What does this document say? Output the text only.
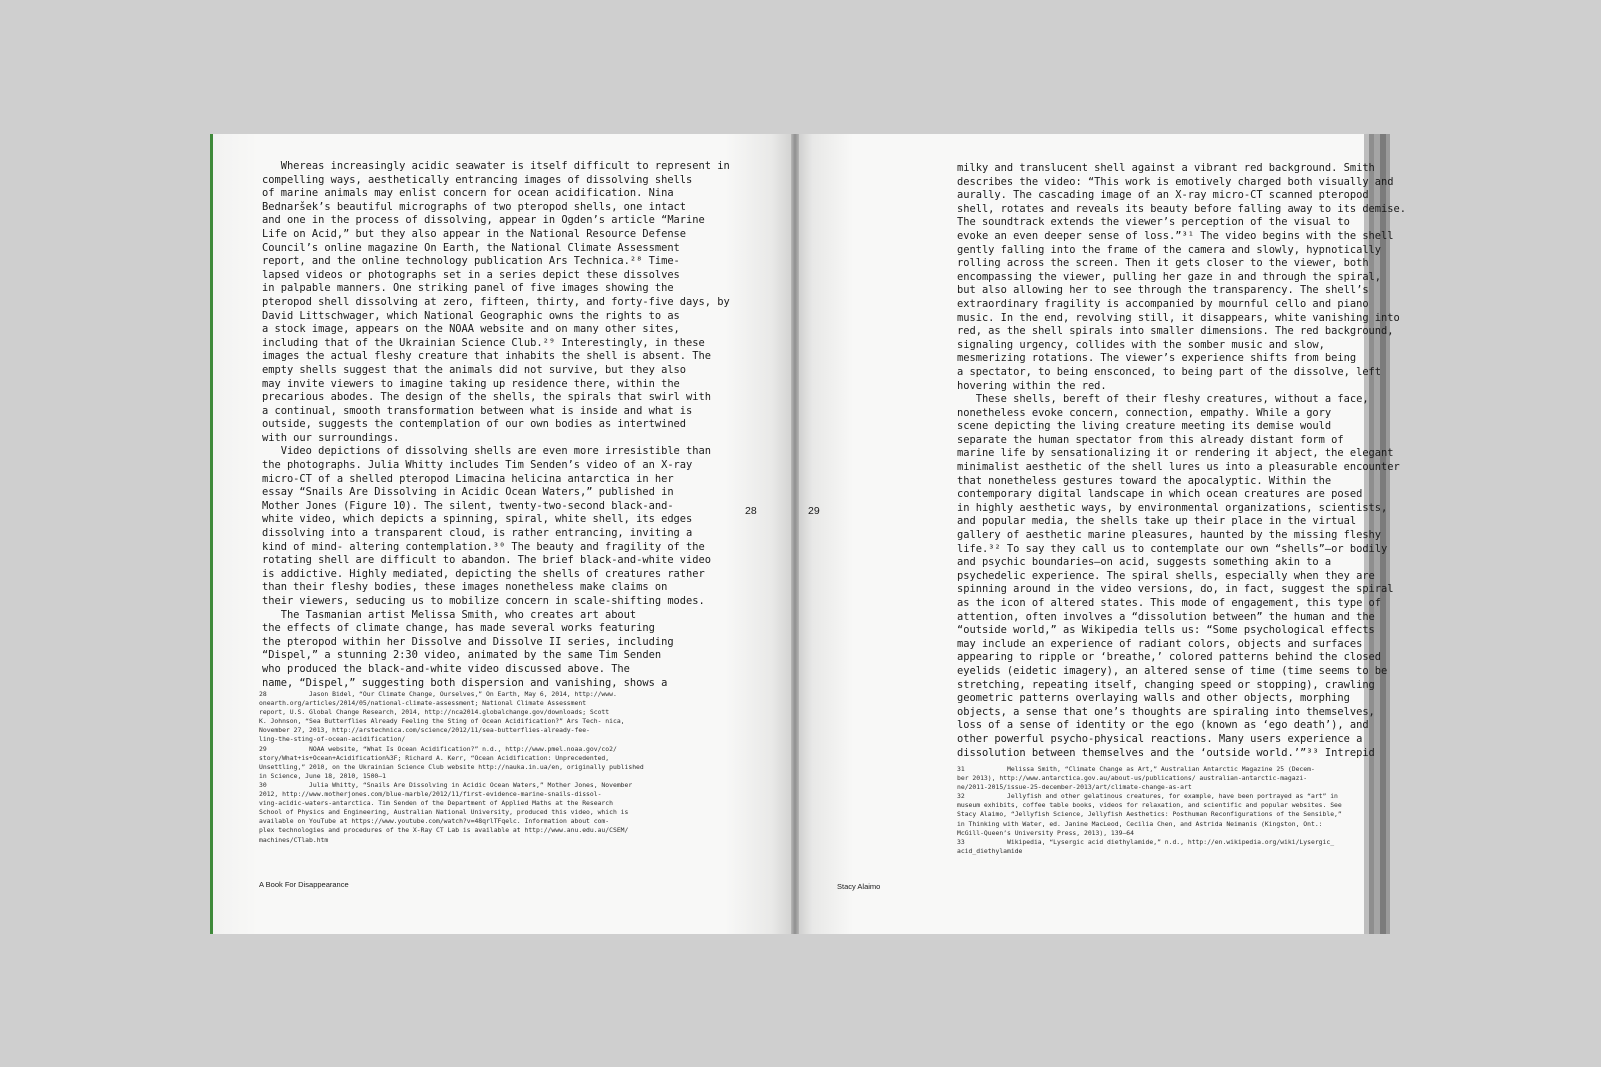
Whereas increasingly acidic seawater is itself difficult to represent in
compelling ways, aesthetically entrancing images of dissolving shells
of marine animals may enlist concern for ocean acidification. Nina
Bednaršek’s beautiful micrographs of two pteropod shells, one intact
and one in the process of dissolving, appear in Ogden’s article “Marine
Life on Acid,” but they also appear in the National Resource Defense
Council’s online magazine On Earth, the National Climate Assessment
report, and the online technology publication Ars Technica.²⁸ Time-
lapsed videos or photographs set in a series depict these dissolves
in palpable manners. One striking panel of five images showing the
pteropod shell dissolving at zero, fifteen, thirty, and forty-five days, by
David Littschwager, which National Geographic owns the rights to as
a stock image, appears on the NOAA website and on many other sites,
including that of the Ukrainian Science Club.²⁹ Interestingly, in these
images the actual fleshy creature that inhabits the shell is absent. The
empty shells suggest that the animals did not survive, but they also
may invite viewers to imagine taking up residence there, within the
precarious abodes. The design of the shells, the spirals that swirl with
a continual, smooth transformation between what is inside and what is
outside, suggests the contemplation of our own bodies as intertwined
with our surroundings.
Video depictions of dissolving shells are even more irresistible than
the photographs. Julia Whitty includes Tim Senden’s video of an X-ray
micro-CT of a shelled pteropod Limacina helicina antarctica in her
essay “Snails Are Dissolving in Acidic Ocean Waters,” published in
Mother Jones (Figure 10). The silent, twenty-two-second black-and-
white video, which depicts a spinning, spiral, white shell, its edges
dissolving into a transparent cloud, is rather entrancing, inviting a
kind of mind- altering contemplation.³⁰ The beauty and fragility of the
rotating shell are difficult to abandon. The brief black-and-white video
is addictive. Highly mediated, depicting the shells of creatures rather
than their fleshy bodies, these images nonetheless make claims on
their viewers, seducing us to mobilize concern in scale-shifting modes.
The Tasmanian artist Melissa Smith, who creates art about
the effects of climate change, has made several works featuring
the pteropod within her Dissolve and Dissolve II series, including
“Dispel,” a stunning 2:30 video, animated by the same Tim Senden
who produced the black-and-white video discussed above. The
name, “Dispel,” suggesting both dispersion and vanishing, shows a
28           Jason Bidel, “Our Climate Change, Ourselves,” On Earth, May 6, 2014, http://www.
onearth.org/articles/2014/05/national-climate-assessment; National Climate Assessment
report, U.S. Global Change Research, 2014, http://nca2014.globalchange.gov/downloads; Scott
K. Johnson, “Sea Butterflies Already Feeling the Sting of Ocean Acidification?” Ars Tech- nica,
November 27, 2013, http://arstechnica.com/science/2012/11/sea-butterflies-already-fee-
ling-the-sting-of-ocean-acidification/
29           NOAA website, “What Is Ocean Acidification?” n.d., http://www.pmel.noaa.gov/co2/
story/What+is+Ocean+Acidification%3F; Richard A. Kerr, “Ocean Acidification: Unprecedented,
Unsettling,” 2010, on the Ukrainian Science Club website http://nauka.in.ua/en, originally published
in Science, June 18, 2010, 1500–1
30           Julia Whitty, “Snails Are Dissolving in Acidic Ocean Waters,” Mother Jones, November
2012, http://www.motherjones.com/blue-marble/2012/11/first-evidence-marine-snails-dissol-
ving-acidic-waters-antarctica. Tim Senden of the Department of Applied Maths at the Research
School of Physics and Engineering, Australian National University, produced this video, which is
available on YouTube at https://www.youtube.com/watch?v=48qrlTFqelc. Information about com-
plex technologies and procedures of the X-Ray CT Lab is available at http://www.anu.edu.au/CSEM/
machines/CTlab.htm
28
A Book For Disappearance
milky and translucent shell against a vibrant red background. Smith
describes the video: “This work is emotively charged both visually and
aurally. The cascading image of an X-ray micro-CT scanned pteropod
shell, rotates and reveals its beauty before falling away to its demise.
The soundtrack extends the viewer’s perception of the visual to
evoke an even deeper sense of loss.”³¹ The video begins with the shell
gently falling into the frame of the camera and slowly, hypnotically
rolling across the screen. Then it gets closer to the viewer, both
encompassing the viewer, pulling her gaze in and through the spiral,
but also allowing her to see through the transparency. The shell’s
extraordinary fragility is accompanied by mournful cello and piano
music. In the end, revolving still, it disappears, white vanishing into
red, as the shell spirals into smaller dimensions. The red background,
signaling urgency, collides with the somber music and slow,
mesmerizing rotations. The viewer’s experience shifts from being
a spectator, to being ensconced, to being part of the dissolve, left
hovering within the red.
These shells, bereft of their fleshy creatures, without a face,
nonetheless evoke concern, connection, empathy. While a gory
scene depicting the living creature meeting its demise would
separate the human spectator from this already distant form of
marine life by sensationalizing it or rendering it abject, the elegant
minimalist aesthetic of the shell lures us into a pleasurable encounter
that nonetheless gestures toward the apocalyptic. Within the
contemporary digital landscape in which ocean creatures are posed
in highly aesthetic ways, by environmental organizations, scientists,
and popular media, the shells take up their place in the virtual
gallery of aesthetic marine pleasures, haunted by the missing fleshy
life.³² To say they call us to contemplate our own “shells”—or bodily
and psychic boundaries—on acid, suggests something akin to a
psychedelic experience. The spiral shells, especially when they are
spinning around in the video versions, do, in fact, suggest the spiral
as the icon of altered states. This mode of engagement, this type of
attention, often involves a “dissolution between” the human and the
“outside world,” as Wikipedia tells us: “Some psychological effects
may include an experience of radiant colors, objects and surfaces
appearing to ripple or ‘breathe,’ colored patterns behind the closed
eyelids (eidetic imagery), an altered sense of time (time seems to be
stretching, repeating itself, changing speed or stopping), crawling
geometric patterns overlaying walls and other objects, morphing
objects, a sense that one’s thoughts are spiraling into themselves,
loss of a sense of identity or the ego (known as ‘ego death’), and
other powerful psycho-physical reactions. Many users experience a
dissolution between themselves and the ‘outside world.’”³³ Intrepid
31           Melissa Smith, “Climate Change as Art,” Australian Antarctic Magazine 25 (Decem-
ber 2013), http://www.antarctica.gov.au/about-us/publications/ australian-antarctic-magazi-
ne/2011-2015/issue-25-december-2013/art/climate-change-as-art
32           Jellyfish and other gelatinous creatures, for example, have been portrayed as “art” in
museum exhibits, coffee table books, videos for relaxation, and scientific and popular websites. See
Stacy Alaimo, “Jellyfish Science, Jellyfish Aesthetics: Posthuman Reconfigurations of the Sensible,”
in Thinking with Water, ed. Janine MacLeod, Cecilia Chen, and Astrida Neimanis (Kingston, Ont.:
McGill-Queen’s University Press, 2013), 139–64
33           Wikipedia, “Lysergic acid diethylamide,” n.d., http://en.wikipedia.org/wiki/Lysergic_
acid_diethylamide
29
Stacy Alaimo
